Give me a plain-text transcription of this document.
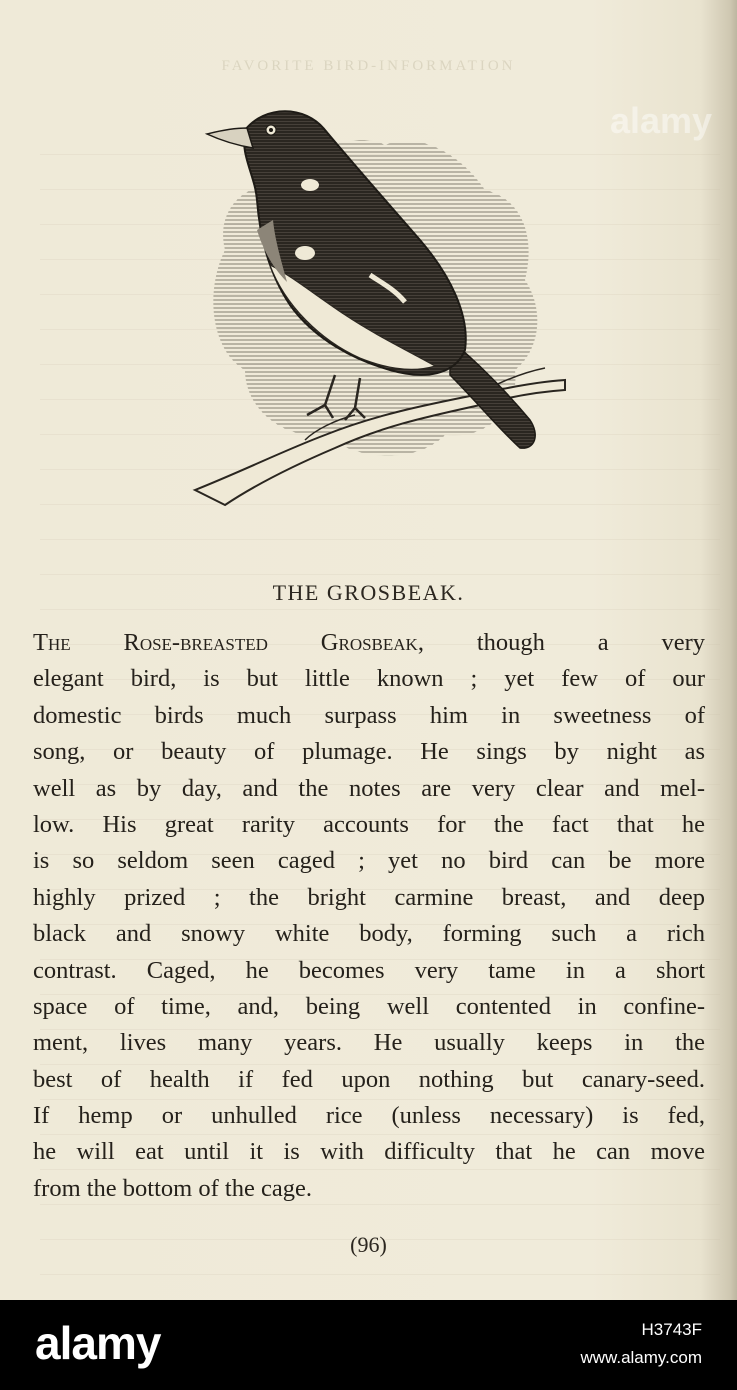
FAVORITE BIRD-INFORMATION
alamy
THE GROSBEAK.
The Rose-breasted Grosbeak, though a very
elegant bird, is but little known ; yet few of our
domestic birds much surpass him in sweetness of
song, or beauty of plumage. He sings by night as
well as by day, and the notes are very clear and mel-
low. His great rarity accounts for the fact that he
is so seldom seen caged ; yet no bird can be more
highly prized ; the bright carmine breast, and deep
black and snowy white body, forming such a rich
contrast. Caged, he becomes very tame in a short
space of time, and, being well contented in confine-
ment, lives many years. He usually keeps in the
best of health if fed upon nothing but canary-seed.
If hemp or unhulled rice (unless necessary) is fed,
he will eat until it is with difficulty that he can move
from the bottom of the cage.
(96)
alamy	H3743F
www.alamy.com
